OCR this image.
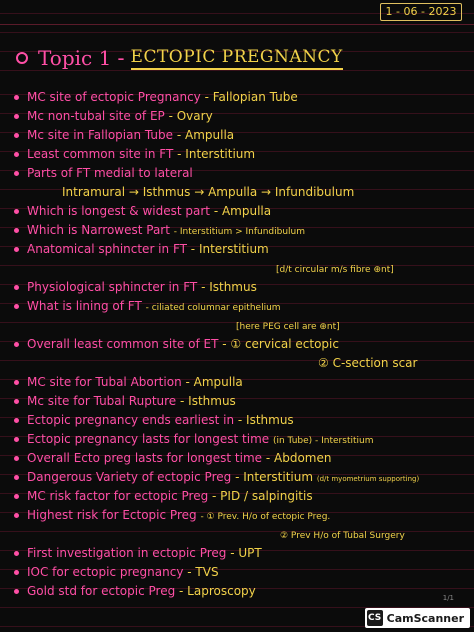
1 - 06 - 2023
Topic 1 - ECTOPIC PREGNANCY
MC site of ectopic Pregnancy - Fallopian Tube
Mc non-tubal site of EP - Ovary
Mc site in Fallopian Tube - Ampulla
Least common site in FT - Interstitium
Parts of FT medial to lateral
Intramural → Isthmus → Ampulla → Infundibulum
Which is longest & widest part - Ampulla
Which is Narrowest Part - Interstitium > Infundibulum
Anatomical sphincter in FT - Interstitium
[d/t circular m/s fibre ⊕nt]
Physiological sphincter in FT - Isthmus
What is lining of FT - ciliated columnar epithelium
[here PEG cell are ⊕nt]
Overall least common site of ET - ① cervical ectopic
② C-section scar
MC site for Tubal Abortion - Ampulla
Mc site for Tubal Rupture - Isthmus
Ectopic pregnancy ends earliest in - Isthmus
Ectopic pregnancy lasts for longest time (in Tube) - Interstitium
Overall Ecto preg lasts for longest time - Abdomen
Dangerous Variety of ectopic Preg - Interstitium (d/t myometrium supporting)
MC risk factor for ectopic Preg - PID / salpingitis
Highest risk for Ectopic Preg - ① Prev. H/o of ectopic Preg.
② Prev H/o of Tubal Surgery
First investigation in ectopic Preg - UPT
IOC for ectopic pregnancy - TVS
Gold std for ectopic Preg - Laproscopy	1/1
CS CamScanner
